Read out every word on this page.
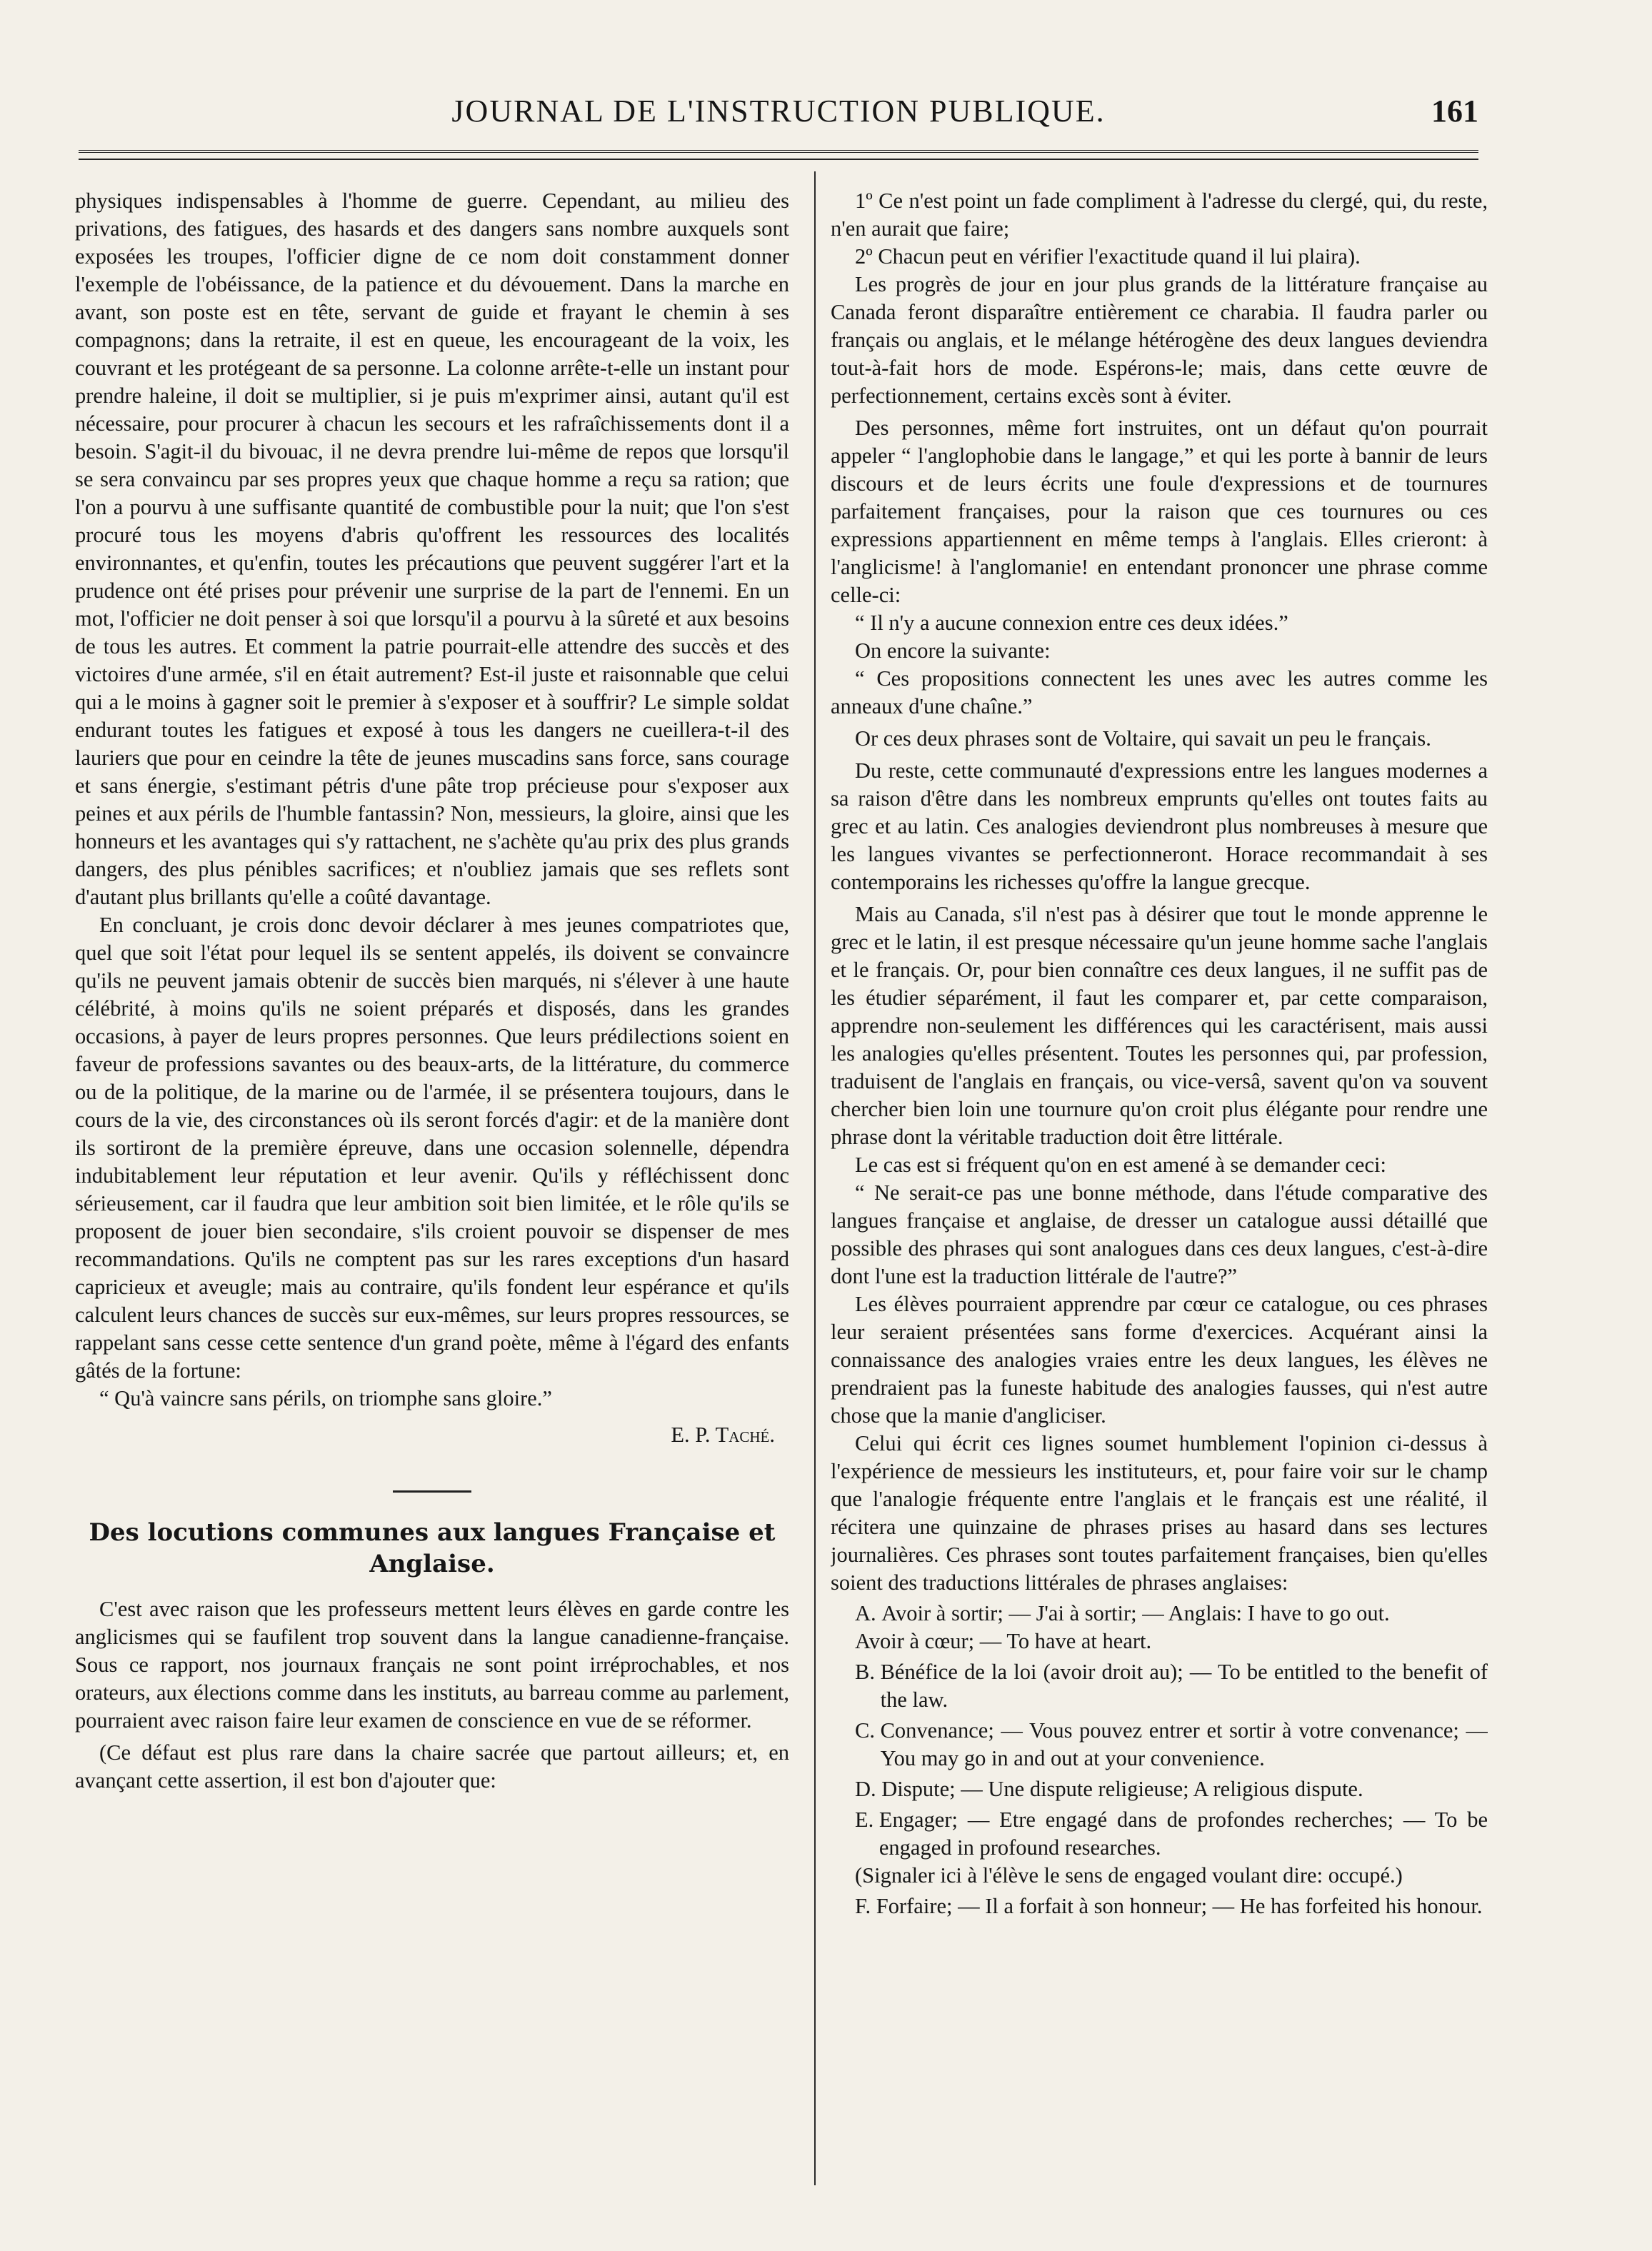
JOURNAL DE L'INSTRUCTION PUBLIQUE.	161

physiques indispensables à l'homme de guerre. Cependant, au milieu des privations, des fatigues, des hasards et des dangers sans nombre auxquels sont exposées les troupes, l'officier digne de ce nom doit constamment donner l'exemple de l'obéissance, de la patience et du dévouement. Dans la marche en avant, son poste est en tête, servant de guide et frayant le chemin à ses compagnons; dans la retraite, il est en queue, les encourageant de la voix, les couvrant et les protégeant de sa personne. La colonne arrête-t-elle un instant pour prendre haleine, il doit se multiplier, si je puis m'exprimer ainsi, autant qu'il est nécessaire, pour procurer à chacun les secours et les rafraîchissements dont il a besoin. S'agit-il du bivouac, il ne devra prendre lui-même de repos que lorsqu'il se sera convaincu par ses propres yeux que chaque homme a reçu sa ration; que l'on a pourvu à une suffisante quantité de combustible pour la nuit; que l'on s'est procuré tous les moyens d'abris qu'offrent les ressources des localités environnantes, et qu'enfin, toutes les précautions que peuvent suggérer l'art et la prudence ont été prises pour prévenir une surprise de la part de l'ennemi. En un mot, l'officier ne doit penser à soi que lorsqu'il a pourvu à la sûreté et aux besoins de tous les autres. Et comment la patrie pourrait-elle attendre des succès et des victoires d'une armée, s'il en était autrement? Est-il juste et raisonnable que celui qui a le moins à gagner soit le premier à s'exposer et à souffrir? Le simple soldat endurant toutes les fatigues et exposé à tous les dangers ne cueillera-t-il des lauriers que pour en ceindre la tête de jeunes muscadins sans force, sans courage et sans énergie, s'estimant pétris d'une pâte trop précieuse pour s'exposer aux peines et aux périls de l'humble fantassin? Non, messieurs, la gloire, ainsi que les honneurs et les avantages qui s'y rattachent, ne s'achète qu'au prix des plus grands dangers, des plus pénibles sacrifices; et n'oubliez jamais que ses reflets sont d'autant plus brillants qu'elle a coûté davantage.

En concluant, je crois donc devoir déclarer à mes jeunes compatriotes que, quel que soit l'état pour lequel ils se sentent appelés, ils doivent se convaincre qu'ils ne peuvent jamais obtenir de succès bien marqués, ni s'élever à une haute célébrité, à moins qu'ils ne soient préparés et disposés, dans les grandes occasions, à payer de leurs propres personnes. Que leurs prédilections soient en faveur de professions savantes ou des beaux-arts, de la littérature, du commerce ou de la politique, de la marine ou de l'armée, il se présentera toujours, dans le cours de la vie, des circonstances où ils seront forcés d'agir: et de la manière dont ils sortiront de la première épreuve, dans une occasion solennelle, dépendra indubitablement leur réputation et leur avenir. Qu'ils y réfléchissent donc sérieusement, car il faudra que leur ambition soit bien limitée, et le rôle qu'ils se proposent de jouer bien secondaire, s'ils croient pouvoir se dispenser de mes recommandations. Qu'ils ne comptent pas sur les rares exceptions d'un hasard capricieux et aveugle; mais au contraire, qu'ils fondent leur espérance et qu'ils calculent leurs chances de succès sur eux-mêmes, sur leurs propres ressources, se rappelant sans cesse cette sentence d'un grand poète, même à l'égard des enfants gâtés de la fortune:

“ Qu'à vaincre sans périls, on triomphe sans gloire.”

E. P. Taché.

Des locutions communes aux langues Française et Anglaise.

C'est avec raison que les professeurs mettent leurs élèves en garde contre les anglicismes qui se faufilent trop souvent dans la langue canadienne-française. Sous ce rapport, nos journaux français ne sont point irréprochables, et nos orateurs, aux élections comme dans les instituts, au barreau comme au parlement, pourraient avec raison faire leur examen de conscience en vue de se réformer.

(Ce défaut est plus rare dans la chaire sacrée que partout ailleurs; et, en avançant cette assertion, il est bon d'ajouter que:

1º Ce n'est point un fade compliment à l'adresse du clergé, qui, du reste, n'en aurait que faire;

2º Chacun peut en vérifier l'exactitude quand il lui plaira).

Les progrès de jour en jour plus grands de la littérature française au Canada feront disparaître entièrement ce charabia. Il faudra parler ou français ou anglais, et le mélange hétérogène des deux langues deviendra tout-à-fait hors de mode. Espérons-le; mais, dans cette œuvre de perfectionnement, certains excès sont à éviter.

Des personnes, même fort instruites, ont un défaut qu'on pourrait appeler “ l'anglophobie dans le langage,” et qui les porte à bannir de leurs discours et de leurs écrits une foule d'expressions et de tournures parfaitement françaises, pour la raison que ces tournures ou ces expressions appartiennent en même temps à l'anglais. Elles crieront: à l'anglicisme! à l'anglomanie! en entendant prononcer une phrase comme celle-ci:

“ Il n'y a aucune connexion entre ces deux idées.”

On encore la suivante:

“ Ces propositions connectent les unes avec les autres comme les anneaux d'une chaîne.”

Or ces deux phrases sont de Voltaire, qui savait un peu le français.

Du reste, cette communauté d'expressions entre les langues modernes a sa raison d'être dans les nombreux emprunts qu'elles ont toutes faits au grec et au latin. Ces analogies deviendront plus nombreuses à mesure que les langues vivantes se perfectionneront. Horace recommandait à ses contemporains les richesses qu'offre la langue grecque.

Mais au Canada, s'il n'est pas à désirer que tout le monde apprenne le grec et le latin, il est presque nécessaire qu'un jeune homme sache l'anglais et le français. Or, pour bien connaître ces deux langues, il ne suffit pas de les étudier séparément, il faut les comparer et, par cette comparaison, apprendre non-seulement les différences qui les caractérisent, mais aussi les analogies qu'elles présentent. Toutes les personnes qui, par profession, traduisent de l'anglais en français, ou vice-versâ, savent qu'on va souvent chercher bien loin une tournure qu'on croit plus élégante pour rendre une phrase dont la véritable traduction doit être littérale.

Le cas est si fréquent qu'on en est amené à se demander ceci:

“ Ne serait-ce pas une bonne méthode, dans l'étude comparative des langues française et anglaise, de dresser un catalogue aussi détaillé que possible des phrases qui sont analogues dans ces deux langues, c'est-à-dire dont l'une est la traduction littérale de l'autre?”

Les élèves pourraient apprendre par cœur ce catalogue, ou ces phrases leur seraient présentées sans forme d'exercices. Acquérant ainsi la connaissance des analogies vraies entre les deux langues, les élèves ne prendraient pas la funeste habitude des analogies fausses, qui n'est autre chose que la manie d'angliciser.

Celui qui écrit ces lignes soumet humblement l'opinion ci-dessus à l'expérience de messieurs les instituteurs, et, pour faire voir sur le champ que l'analogie fréquente entre l'anglais et le français est une réalité, il récitera une quinzaine de phrases prises au hasard dans ses lectures journalières. Ces phrases sont toutes parfaitement françaises, bien qu'elles soient des traductions littérales de phrases anglaises:

A. Avoir à sortir; — J'ai à sortir; — Anglais: I have to go out.

Avoir à cœur; — To have at heart.

B. Bénéfice de la loi (avoir droit au); — To be entitled to the benefit of the law.
C. Convenance; — Vous pouvez entrer et sortir à votre convenance; — You may go in and out at your convenience.
D. Dispute; — Une dispute religieuse; A religious dispute.
E. Engager; — Etre engagé dans de profondes recherches; — To be engaged in profound researches.

(Signaler ici à l'élève le sens de engaged voulant dire: occupé.)

F. Forfaire; — Il a forfait à son honneur; — He has forfeited his honour.
